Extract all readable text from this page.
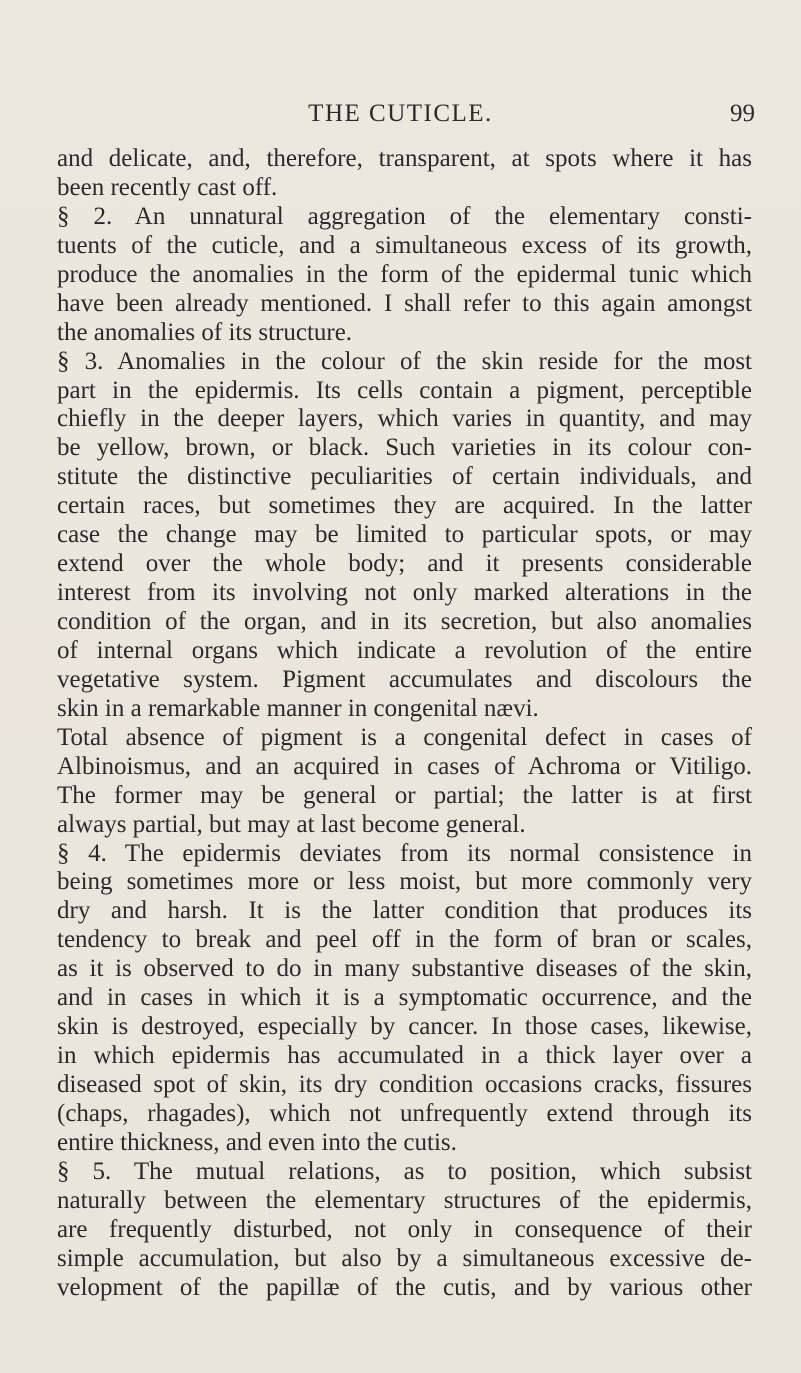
THE CUTICLE.	99
and delicate, and, therefore, transparent, at spots where it has
been recently cast off.
§ 2. An unnatural aggregation of the elementary consti-
tuents of the cuticle, and a simultaneous excess of its growth,
produce the anomalies in the form of the epidermal tunic which
have been already mentioned. I shall refer to this again amongst
the anomalies of its structure.
§ 3. Anomalies in the colour of the skin reside for the most
part in the epidermis. Its cells contain a pigment, perceptible
chiefly in the deeper layers, which varies in quantity, and may
be yellow, brown, or black. Such varieties in its colour con-
stitute the distinctive peculiarities of certain individuals, and
certain races, but sometimes they are acquired. In the latter
case the change may be limited to particular spots, or may
extend over the whole body; and it presents considerable
interest from its involving not only marked alterations in the
condition of the organ, and in its secretion, but also anomalies
of internal organs which indicate a revolution of the entire
vegetative system. Pigment accumulates and discolours the
skin in a remarkable manner in congenital nævi.
Total absence of pigment is a congenital defect in cases of
Albinoismus, and an acquired in cases of Achroma or Vitiligo.
The former may be general or partial; the latter is at first
always partial, but may at last become general.
§ 4. The epidermis deviates from its normal consistence in
being sometimes more or less moist, but more commonly very
dry and harsh. It is the latter condition that produces its
tendency to break and peel off in the form of bran or scales,
as it is observed to do in many substantive diseases of the skin,
and in cases in which it is a symptomatic occurrence, and the
skin is destroyed, especially by cancer. In those cases, likewise,
in which epidermis has accumulated in a thick layer over a
diseased spot of skin, its dry condition occasions cracks, fissures
(chaps, rhagades), which not unfrequently extend through its
entire thickness, and even into the cutis.
§ 5. The mutual relations, as to position, which subsist
naturally between the elementary structures of the epidermis,
are frequently disturbed, not only in consequence of their
simple accumulation, but also by a simultaneous excessive de-
velopment of the papillæ of the cutis, and by various other
